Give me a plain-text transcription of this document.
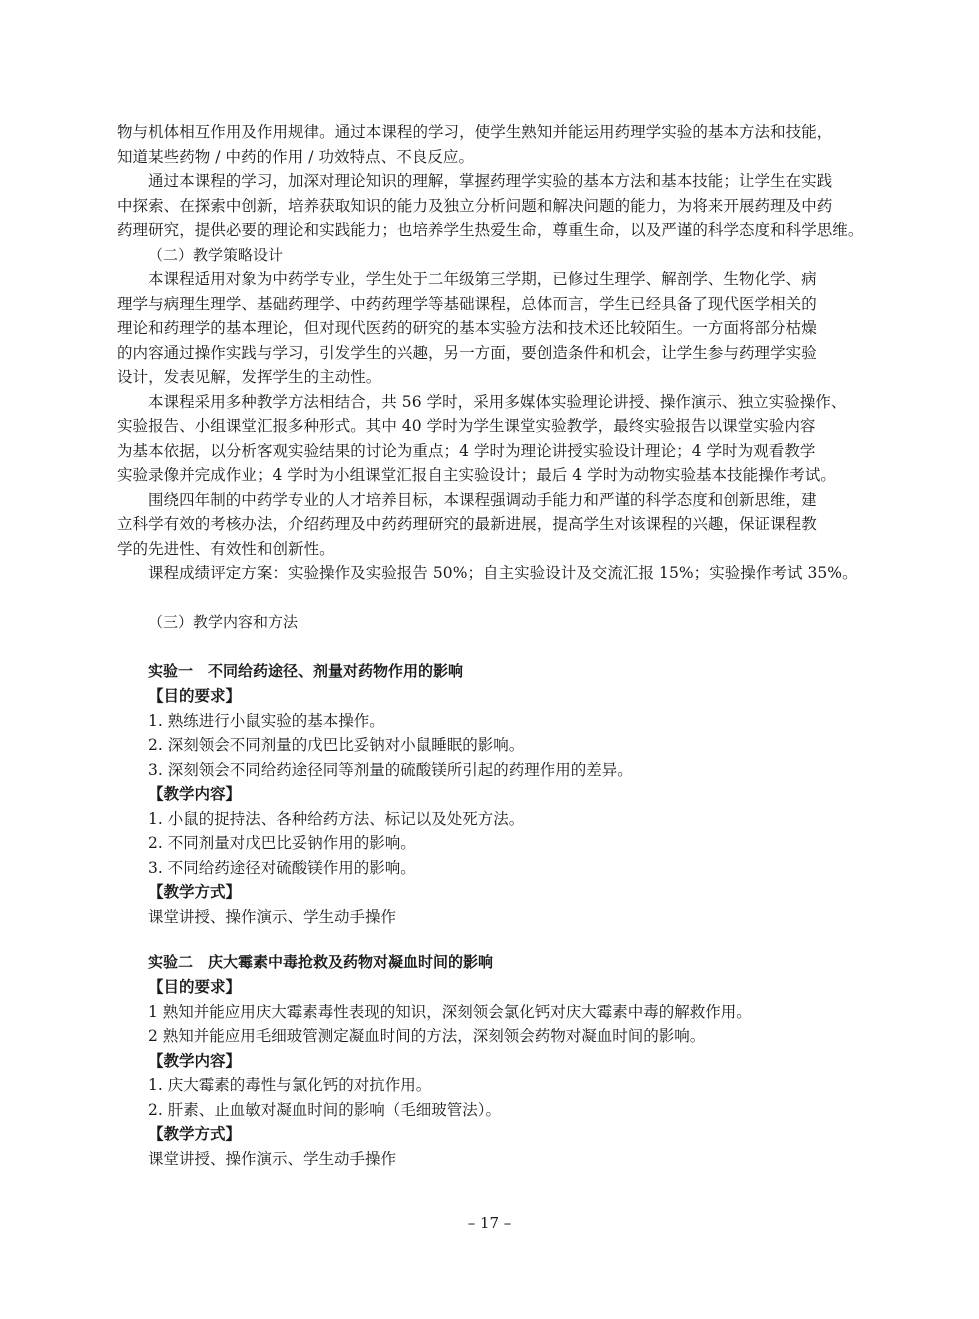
物与机体相互作用及作用规律。通过本课程的学习，使学生熟知并能运用药理学实验的基本方法和技能，
知道某些药物 / 中药的作用 / 功效特点、不良反应。
通过本课程的学习，加深对理论知识的理解，掌握药理学实验的基本方法和基本技能；让学生在实践
中探索、在探索中创新，培养获取知识的能力及独立分析问题和解决问题的能力，为将来开展药理及中药
药理研究，提供必要的理论和实践能力；也培养学生热爱生命，尊重生命，以及严谨的科学态度和科学思维。
（二）教学策略设计
本课程适用对象为中药学专业，学生处于二年级第三学期，已修过生理学、解剖学、生物化学、病
理学与病理生理学、基础药理学、中药药理学等基础课程，总体而言，学生已经具备了现代医学相关的
理论和药理学的基本理论，但对现代医药的研究的基本实验方法和技术还比较陌生。一方面将部分枯燥
的内容通过操作实践与学习，引发学生的兴趣，另一方面，要创造条件和机会，让学生参与药理学实验
设计，发表见解，发挥学生的主动性。
本课程采用多种教学方法相结合，共 56 学时，采用多媒体实验理论讲授、操作演示、独立实验操作、
实验报告、小组课堂汇报多种形式。其中 40 学时为学生课堂实验教学，最终实验报告以课堂实验内容
为基本依据，以分析客观实验结果的讨论为重点；4 学时为理论讲授实验设计理论；4 学时为观看教学
实验录像并完成作业；4 学时为小组课堂汇报自主实验设计；最后 4 学时为动物实验基本技能操作考试。
围绕四年制的中药学专业的人才培养目标，本课程强调动手能力和严谨的科学态度和创新思维，建
立科学有效的考核办法，介绍药理及中药药理研究的最新进展，提高学生对该课程的兴趣，保证课程教
学的先进性、有效性和创新性。
课程成绩评定方案：实验操作及实验报告 50%；自主实验设计及交流汇报 15%；实验操作考试 35%。
（三）教学内容和方法
实验一　不同给药途径、剂量对药物作用的影响
【目的要求】
1. 熟练进行小鼠实验的基本操作。
2. 深刻领会不同剂量的戊巴比妥钠对小鼠睡眠的影响。
3. 深刻领会不同给药途径同等剂量的硫酸镁所引起的药理作用的差异。
【教学内容】
1. 小鼠的捉持法、各种给药方法、标记以及处死方法。
2. 不同剂量对戊巴比妥钠作用的影响。
3. 不同给药途径对硫酸镁作用的影响。
【教学方式】
课堂讲授、操作演示、学生动手操作
实验二　庆大霉素中毒抢救及药物对凝血时间的影响
【目的要求】
1 熟知并能应用庆大霉素毒性表现的知识，深刻领会氯化钙对庆大霉素中毒的解救作用。
2 熟知并能应用毛细玻管测定凝血时间的方法，深刻领会药物对凝血时间的影响。
【教学内容】
1. 庆大霉素的毒性与氯化钙的对抗作用。
2. 肝素、止血敏对凝血时间的影响（毛细玻管法）。
【教学方式】
课堂讲授、操作演示、学生动手操作
– 17 –
